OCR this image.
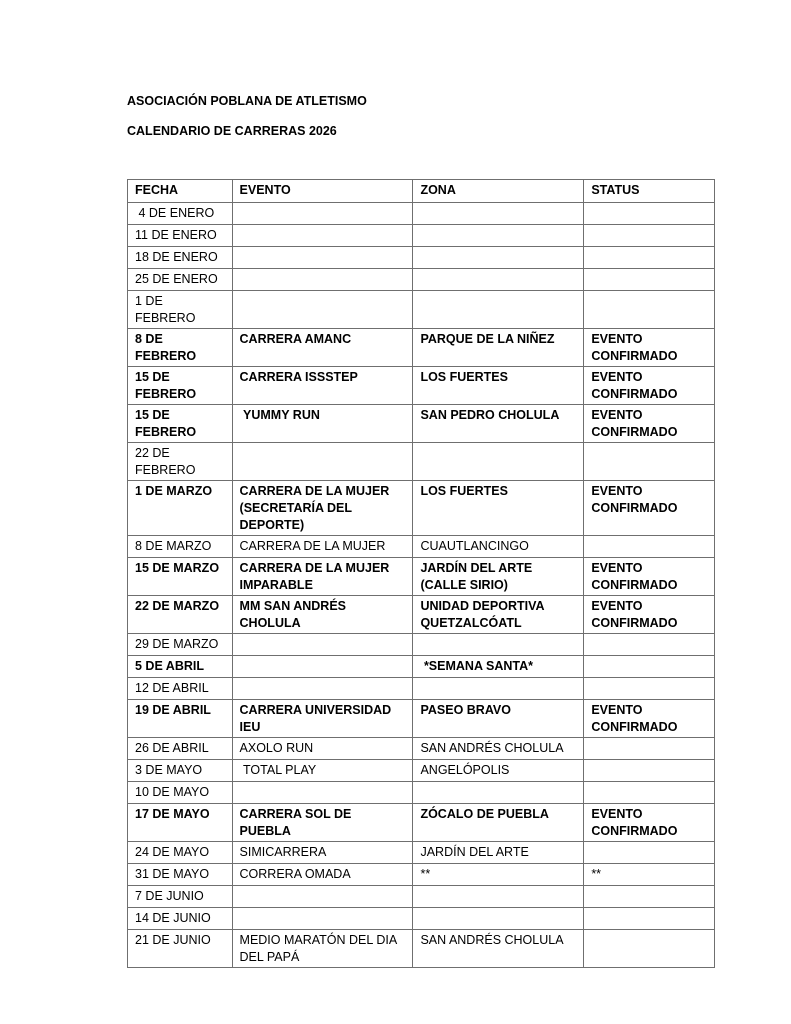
ASOCIACIÓN POBLANA DE ATLETISMO
CALENDARIO DE CARRERAS 2026
FECHA	EVENTO	ZONA	STATUS
4 DE ENERO			
11 DE ENERO			
18 DE ENERO			
25 DE ENERO			
1 DE FEBRERO			
8 DE FEBRERO	CARRERA AMANC	PARQUE DE LA NIÑEZ	EVENTO CONFIRMADO
15 DE FEBRERO	CARRERA ISSSTEP	LOS FUERTES	EVENTO CONFIRMADO
15 DE FEBRERO	YUMMY RUN	SAN PEDRO CHOLULA	EVENTO CONFIRMADO
22 DE FEBRERO			
1 DE MARZO	CARRERA DE LA MUJER (SECRETARÍA DEL DEPORTE)	LOS FUERTES	EVENTO CONFIRMADO
8 DE MARZO	CARRERA DE LA MUJER	CUAUTLANCINGO	
15 DE MARZO	CARRERA DE LA MUJER IMPARABLE	JARDÍN DEL ARTE (CALLE SIRIO)	EVENTO CONFIRMADO
22 DE MARZO	MM SAN ANDRÉS CHOLULA	UNIDAD DEPORTIVA QUETZALCÓATL	EVENTO CONFIRMADO
29 DE MARZO			
5 DE ABRIL		*SEMANA SANTA*	
12 DE ABRIL			
19 DE ABRIL	CARRERA UNIVERSIDAD IEU	PASEO BRAVO	EVENTO CONFIRMADO
26 DE ABRIL	AXOLO RUN	SAN ANDRÉS CHOLULA	
3 DE MAYO	TOTAL PLAY	ANGELÓPOLIS	
10 DE MAYO			
17 DE MAYO	CARRERA SOL DE PUEBLA	ZÓCALO DE PUEBLA	EVENTO CONFIRMADO
24 DE MAYO	SIMICARRERA	JARDÍN DEL ARTE	
31 DE MAYO	CORRERA OMADA	**	**
7 DE JUNIO			
14 DE JUNIO			
21 DE JUNIO	MEDIO MARATÓN DEL DIA DEL PAPÁ	SAN ANDRÉS CHOLULA	
